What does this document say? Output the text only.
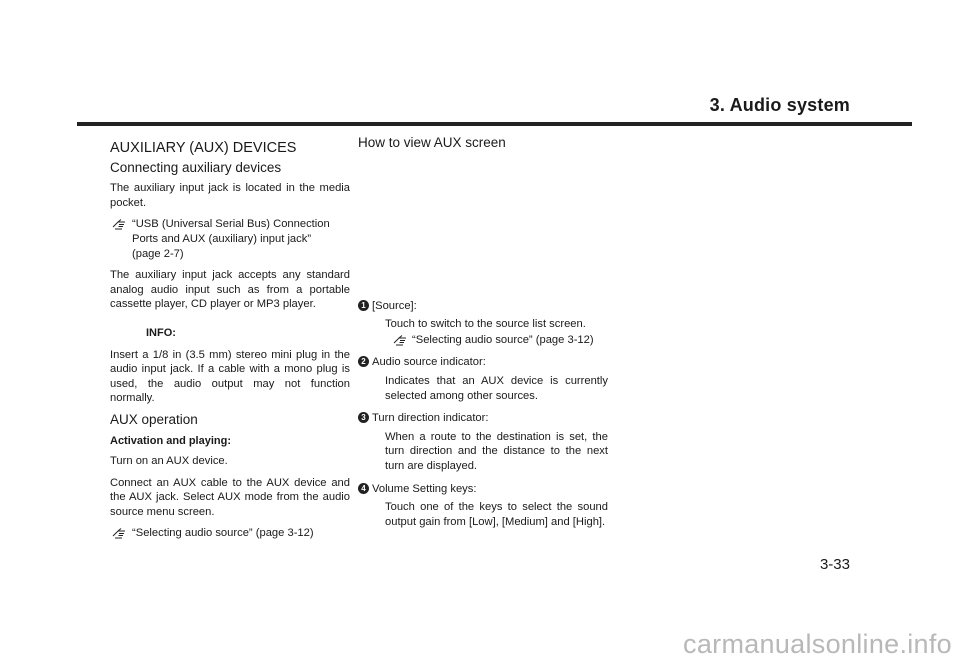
3. Audio system
AUXILIARY (AUX) DEVICES
Connecting auxiliary devices

The auxiliary input jack is located in the media pocket.

“USB (Universal Serial Bus) Connection
Ports and AUX (auxiliary) input jack”
(page 2-7)

The auxiliary input jack accepts any standard analog audio input such as from a portable cassette player, CD player or MP3 player.

INFO:

Insert a 1/8 in (3.5 mm) stereo mini plug in the audio input jack. If a cable with a mono plug is used, the audio output may not function normally.

AUX operation
Activation and playing:

Turn on an AUX device.

Connect an AUX cable to the AUX device and the AUX jack. Select AUX mode from the audio source menu screen.

“Selecting audio source” (page 3-12)
How to view AUX screen
1 [Source]:
Touch to switch to the source list screen.
“Selecting audio source” (page 3-12)
2 Audio source indicator:
Indicates that an AUX device is currently selected among other sources.
3 Turn direction indicator:
When a route to the destination is set, the turn direction and the distance to the next turn are displayed.
4 Volume Setting keys:
Touch one of the keys to select the sound output gain from [Low], [Medium] and [High].
3-33
carmanualsonline.info
